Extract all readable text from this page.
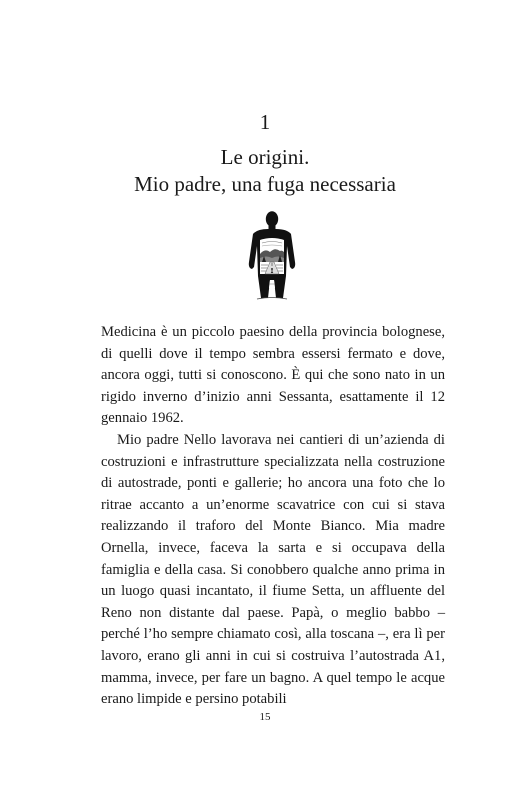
1
Le origini.
Mio padre, una fuga necessaria

Medicina è un piccolo paesino della provincia bolognese, di quelli dove il tempo sembra essersi fermato e dove, ancora oggi, tutti si conoscono. È qui che sono nato in un rigido inverno d’inizio anni Sessanta, esattamente il 12 gennaio 1962.

Mio padre Nello lavorava nei cantieri di un’azienda di costruzioni e infrastrutture specializzata nella costruzione di autostrade, ponti e gallerie; ho ancora una foto che lo ritrae accanto a un’enorme scavatrice con cui si stava realizzando il traforo del Monte Bianco. Mia madre Ornella, invece, faceva la sarta e si occupava della famiglia e della casa. Si conobbero qualche anno prima in un luogo quasi incantato, il fiume Setta, un affluente del Reno non distante dal paese. Papà, o meglio babbo – perché l’ho sempre chiamato così, alla toscana –, era lì per lavoro, erano gli anni in cui si costruiva l’autostrada A1, mamma, invece, per fare un bagno. A quel tempo le acque erano limpide e persino potabili

15
